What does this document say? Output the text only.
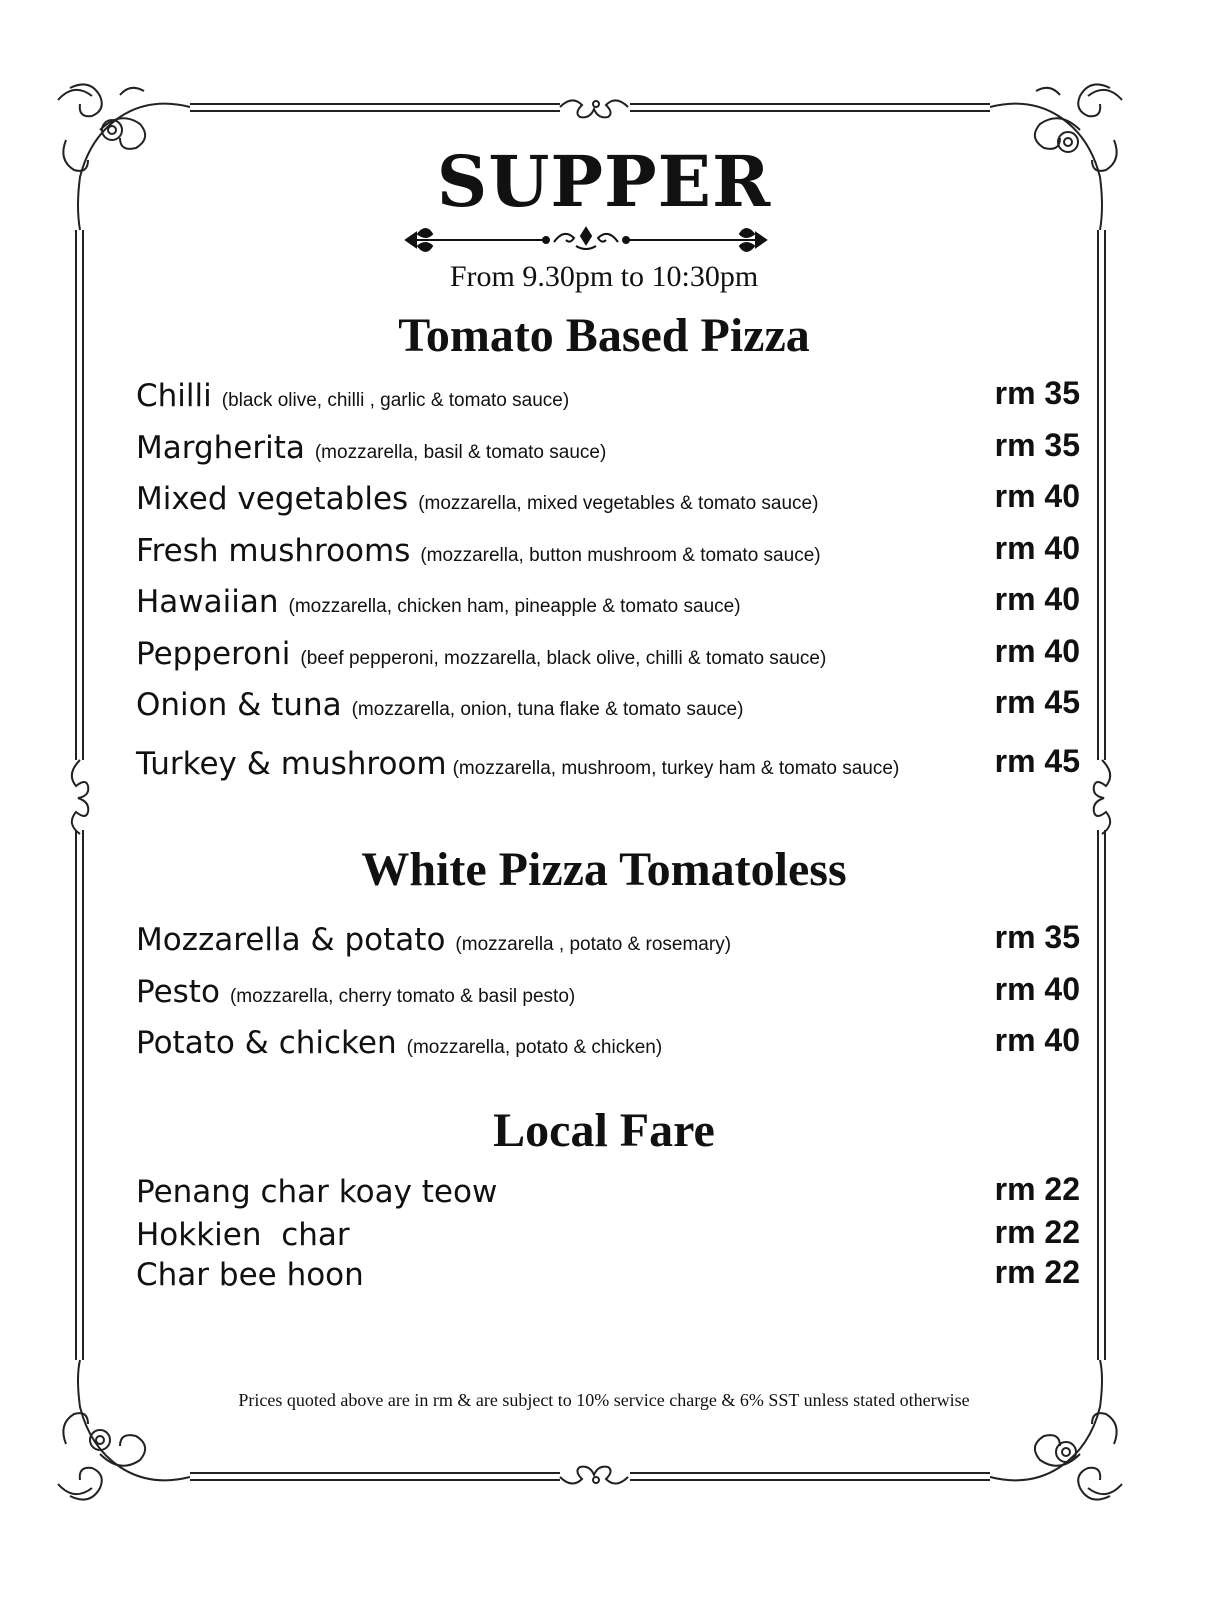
SUPPER

From 9.30pm to 10:30pm

Tomato Based Pizza
Chilli (black olive, chilli , garlic & tomato sauce)	rm 35
Margherita (mozzarella, basil & tomato sauce)	rm 35
Mixed vegetables (mozzarella, mixed vegetables & tomato sauce)	rm 40
Fresh mushrooms (mozzarella, button mushroom & tomato sauce)	rm 40
Hawaiian (mozzarella, chicken ham, pineapple & tomato sauce)	rm 40
Pepperoni (beef pepperoni, mozzarella, black olive, chilli & tomato sauce)	rm 40
Onion & tuna (mozzarella, onion, tuna flake & tomato sauce)	rm 45
Turkey & mushroom (mozzarella, mushroom, turkey ham & tomato sauce)	rm 45
White Pizza Tomatoless
Mozzarella & potato (mozzarella , potato & rosemary)	rm 35
Pesto (mozzarella, cherry tomato & basil pesto)	rm 40
Potato & chicken (mozzarella, potato & chicken)	rm 40
Local Fare
Penang char koay teow	rm 22
Hokkien  char	rm 22
Char bee hoon	rm 22

Prices quoted above are in rm & are subject to 10% service charge & 6% SST unless stated otherwise
